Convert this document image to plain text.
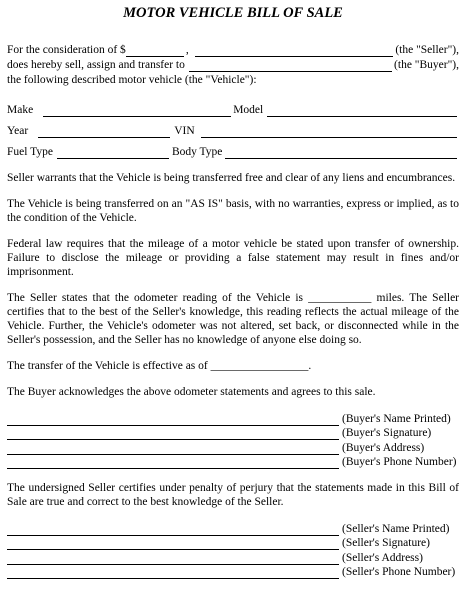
MOTOR VEHICLE BILL OF SALE
For the consideration of $	,	(the "Seller"),
does hereby sell, assign and transfer to	(the "Buyer"),
the following described motor vehicle (the "Vehicle"):
Make	Model
Year	VIN
Fuel Type	Body Type

Seller warrants that the Vehicle is being transferred free and clear of any liens and encumbrances.

The Vehicle is being transferred on an "AS IS" basis, with no warranties, express or implied, as to the condition of the Vehicle.

Federal law requires that the mileage of a motor vehicle be stated upon transfer of ownership. Failure to disclose the mileage or providing a false statement may result in fines and/or imprisonment.

The Seller states that the odometer reading of the Vehicle is ___________ miles. The Seller certifies that to the best of the Seller's knowledge, this reading reflects the actual mileage of the Vehicle. Further, the Vehicle's odometer was not altered, set back, or disconnected while in the Seller's possession, and the Seller has no knowledge of anyone else doing so.

The transfer of the Vehicle is effective as of _________________.

The Buyer acknowledges the above odometer statements and agrees to this sale.

(Buyer's Name Printed)
(Buyer's Signature)
(Buyer's Address)
(Buyer's Phone Number)

The undersigned Seller certifies under penalty of perjury that the statements made in this Bill of Sale are true and correct to the best knowledge of the Seller.

(Seller's Name Printed)
(Seller's Signature)
(Seller's Address)
(Seller's Phone Number)
